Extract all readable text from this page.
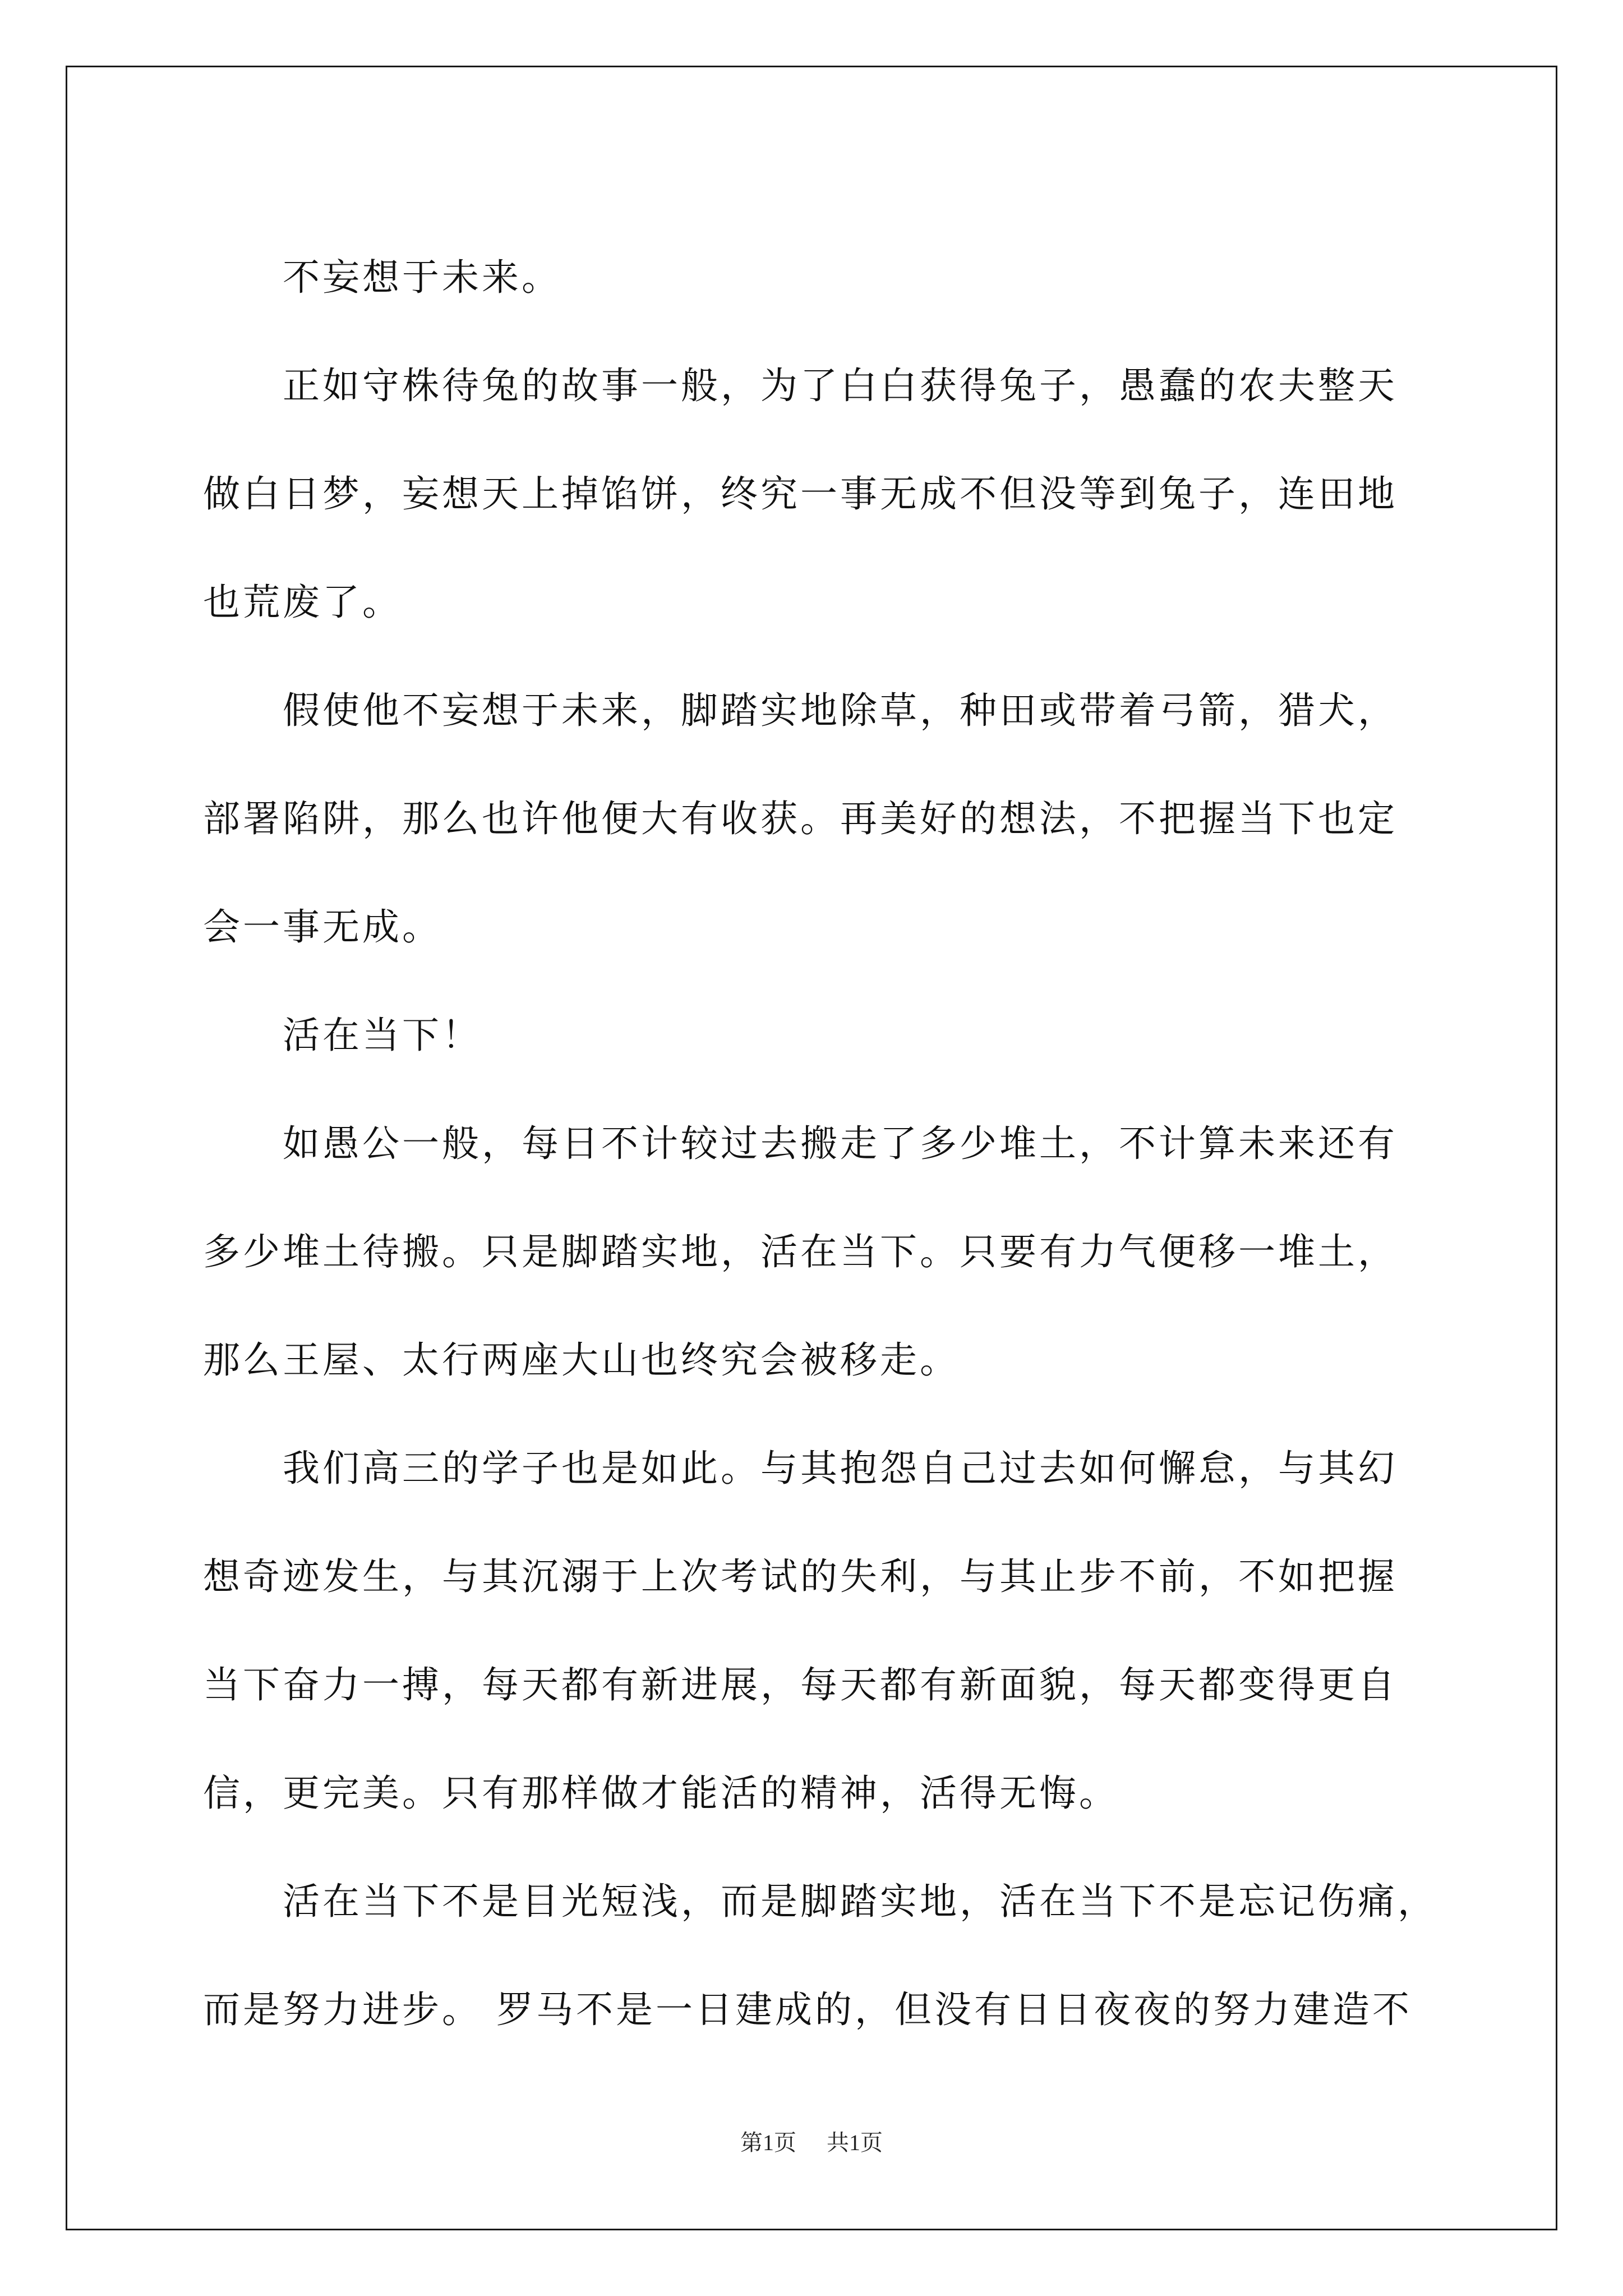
不妄想于未来。

正如守株待兔的故事一般，为了白白获得兔子，愚蠢的农夫整天

做白日梦，妄想天上掉馅饼，终究一事无成不但没等到兔子，连田地

也荒废了。

假使他不妄想于未来，脚踏实地除草，种田或带着弓箭，猎犬，

部署陷阱，那么也许他便大有收获。再美好的想法，不把握当下也定

会一事无成。

活在当下！

如愚公一般，每日不计较过去搬走了多少堆土，不计算未来还有

多少堆土待搬。只是脚踏实地，活在当下。只要有力气便移一堆土，

那么王屋、太行两座大山也终究会被移走。

我们高三的学子也是如此。与其抱怨自己过去如何懈怠，与其幻

想奇迹发生，与其沉溺于上次考试的失利，与其止步不前，不如把握

当下奋力一搏，每天都有新进展，每天都有新面貌，每天都变得更自

信，更完美。只有那样做才能活的精神，活得无悔。

活在当下不是目光短浅，而是脚踏实地，活在当下不是忘记伤痛，

而是努力进步。 罗马不是一日建成的，但没有日日夜夜的努力建造不

第1页 共1页
